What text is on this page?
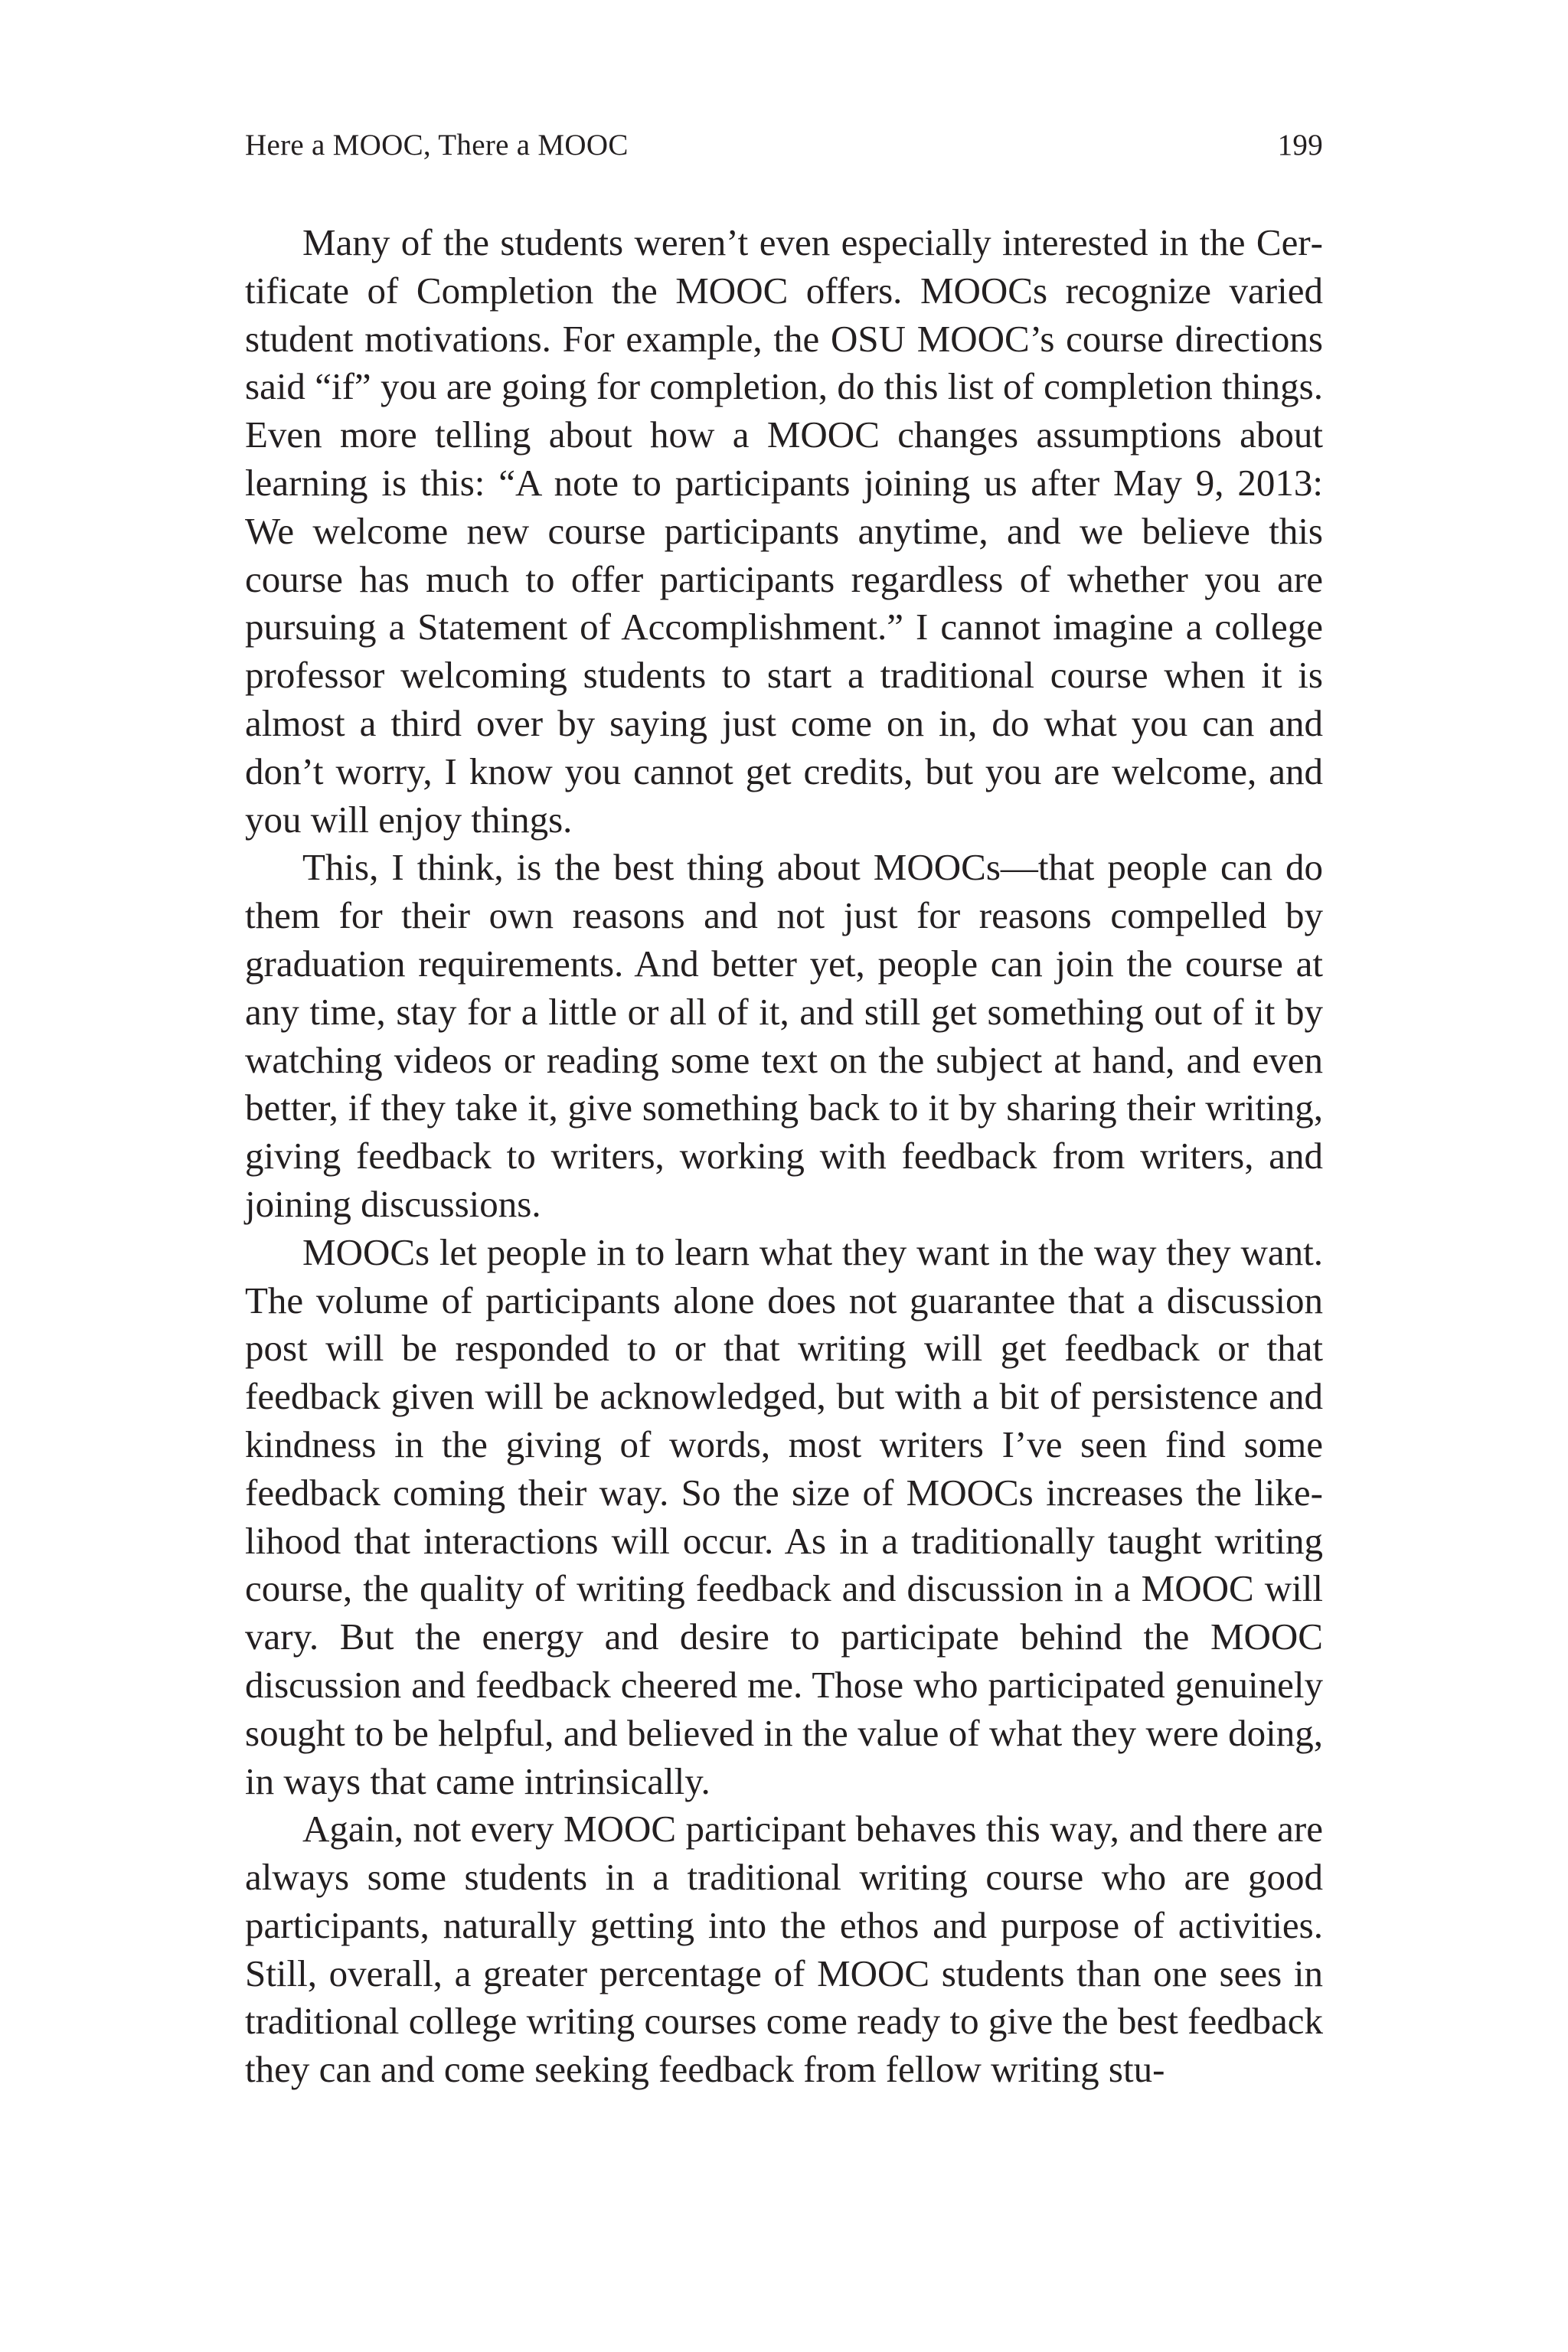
Here a MOOC, There a MOOC	199

Many of the students weren’t even especially interested in the Certificate of Completion the MOOC offers. MOOCs recognize varied student motivations. For example, the OSU MOOC’s course directions said “if” you are going for completion, do this list of completion things. Even more telling about how a MOOC changes assumptions about learning is this: “A note to participants joining us after May 9, 2013: We welcome new course participants anytime, and we believe this course has much to offer participants regardless of whether you are pursuing a Statement of Accomplishment.” I cannot imagine a college professor welcoming students to start a traditional course when it is almost a third over by saying just come on in, do what you can and don’t worry, I know you cannot get credits, but you are welcome, and you will enjoy things.

This, I think, is the best thing about MOOCs—that people can do them for their own reasons and not just for reasons compelled by graduation requirements. And better yet, people can join the course at any time, stay for a little or all of it, and still get something out of it by watching videos or reading some text on the subject at hand, and even better, if they take it, give something back to it by sharing their writing, giving feedback to writers, working with feedback from writers, and joining discussions.

MOOCs let people in to learn what they want in the way they want. The volume of participants alone does not guarantee that a discussion post will be responded to or that writing will get feedback or that feedback given will be acknowledged, but with a bit of persistence and kindness in the giving of words, most writers I’ve seen find some feedback coming their way. So the size of MOOCs increases the likelihood that interactions will occur. As in a traditionally taught writing course, the quality of writing feedback and discussion in a MOOC will vary. But the energy and desire to participate behind the MOOC discussion and feedback cheered me. Those who participated genuinely sought to be helpful, and believed in the value of what they were doing, in ways that came intrinsically.

Again, not every MOOC participant behaves this way, and there are always some students in a traditional writing course who are good participants, naturally getting into the ethos and purpose of activities. Still, overall, a greater percentage of MOOC students than one sees in traditional college writing courses come ready to give the best feedback they can and come seeking feedback from fellow writing stu-
